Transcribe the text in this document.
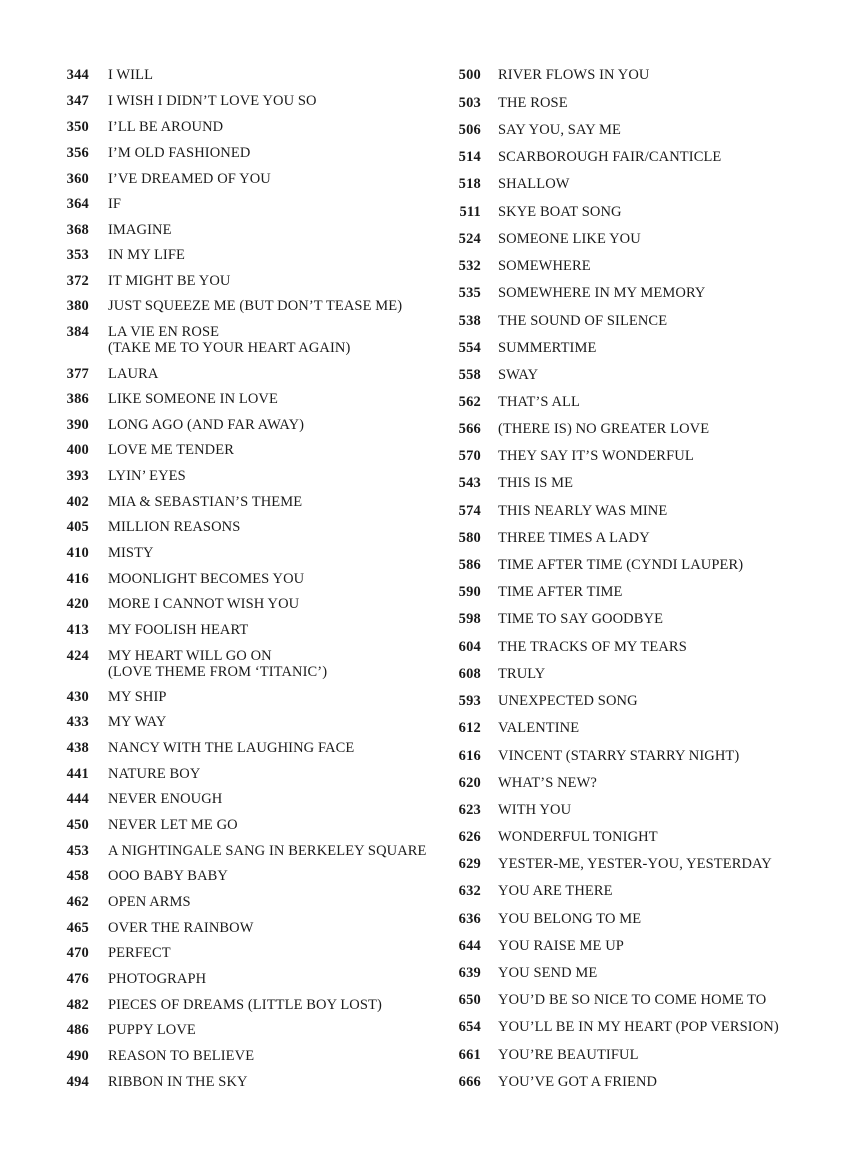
344 I WILL
347 I WISH I DIDN’T LOVE YOU SO
350 I’LL BE AROUND
356 I’M OLD FASHIONED
360 I’VE DREAMED OF YOU
364 IF
368 IMAGINE
353 IN MY LIFE
372 IT MIGHT BE YOU
380 JUST SQUEEZE ME (BUT DON’T TEASE ME)
384 LA VIE EN ROSE
(TAKE ME TO YOUR HEART AGAIN)
377 LAURA
386 LIKE SOMEONE IN LOVE
390 LONG AGO (AND FAR AWAY)
400 LOVE ME TENDER
393 LYIN’ EYES
402 MIA & SEBASTIAN’S THEME
405 MILLION REASONS
410 MISTY
416 MOONLIGHT BECOMES YOU
420 MORE I CANNOT WISH YOU
413 MY FOOLISH HEART
424 MY HEART WILL GO ON
(LOVE THEME FROM ‘TITANIC’)
430 MY SHIP
433 MY WAY
438 NANCY WITH THE LAUGHING FACE
441 NATURE BOY
444 NEVER ENOUGH
450 NEVER LET ME GO
453 A NIGHTINGALE SANG IN BERKELEY SQUARE
458 OOO BABY BABY
462 OPEN ARMS
465 OVER THE RAINBOW
470 PERFECT
476 PHOTOGRAPH
482 PIECES OF DREAMS (LITTLE BOY LOST)
486 PUPPY LOVE
490 REASON TO BELIEVE
494 RIBBON IN THE SKY
500 RIVER FLOWS IN YOU
503 THE ROSE
506 SAY YOU, SAY ME
514 SCARBOROUGH FAIR/CANTICLE
518 SHALLOW
511 SKYE BOAT SONG
524 SOMEONE LIKE YOU
532 SOMEWHERE
535 SOMEWHERE IN MY MEMORY
538 THE SOUND OF SILENCE
554 SUMMERTIME
558 SWAY
562 THAT’S ALL
566 (THERE IS) NO GREATER LOVE
570 THEY SAY IT’S WONDERFUL
543 THIS IS ME
574 THIS NEARLY WAS MINE
580 THREE TIMES A LADY
586 TIME AFTER TIME (CYNDI LAUPER)
590 TIME AFTER TIME
598 TIME TO SAY GOODBYE
604 THE TRACKS OF MY TEARS
608 TRULY
593 UNEXPECTED SONG
612 VALENTINE
616 VINCENT (STARRY STARRY NIGHT)
620 WHAT’S NEW?
623 WITH YOU
626 WONDERFUL TONIGHT
629 YESTER-ME, YESTER-YOU, YESTERDAY
632 YOU ARE THERE
636 YOU BELONG TO ME
644 YOU RAISE ME UP
639 YOU SEND ME
650 YOU’D BE SO NICE TO COME HOME TO
654 YOU’LL BE IN MY HEART (POP VERSION)
661 YOU’RE BEAUTIFUL
666 YOU’VE GOT A FRIEND
